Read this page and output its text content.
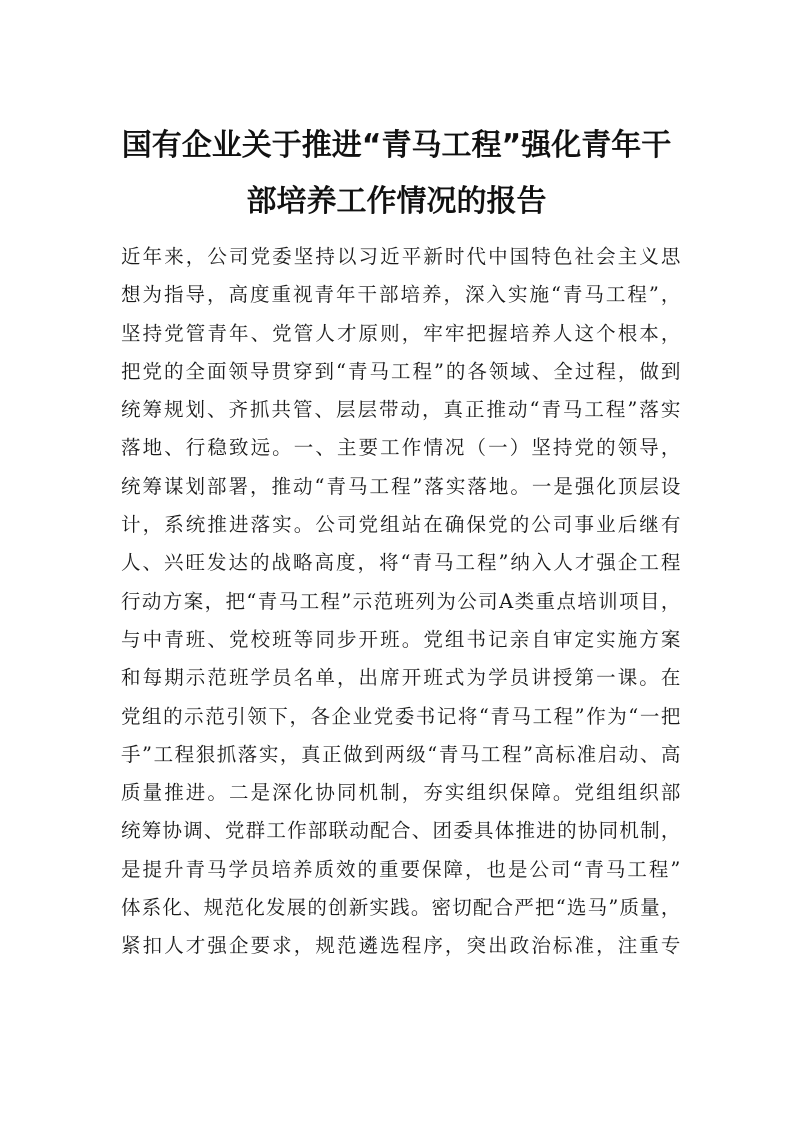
国有企业关于推进“青马工程”强化青年干
部培养工作情况的报告
近年来，公司党委坚持以习近平新时代中国特色社会主义思
想为指导，高度重视青年干部培养，深入实施“青马工程”，
坚持党管青年、党管人才原则，牢牢把握培养人这个根本，
把党的全面领导贯穿到“青马工程”的各领域、全过程，做到
统筹规划、齐抓共管、层层带动，真正推动“青马工程”落实
落地、行稳致远。一、主要工作情况（一）坚持党的领导，
统筹谋划部署，推动“青马工程”落实落地。一是强化顶层设
计，系统推进落实。公司党组站在确保党的公司事业后继有
人、兴旺发达的战略高度，将“青马工程”纳入人才强企工程
行动方案，把“青马工程”示范班列为公司A类重点培训项目，
与中青班、党校班等同步开班。党组书记亲自审定实施方案
和每期示范班学员名单，出席开班式为学员讲授第一课。在
党组的示范引领下，各企业党委书记将“青马工程”作为“一把
手”工程狠抓落实，真正做到两级“青马工程”高标准启动、高
质量推进。二是深化协同机制，夯实组织保障。党组组织部
统筹协调、党群工作部联动配合、团委具体推进的协同机制，
是提升青马学员培养质效的重要保障，也是公司“青马工程”
体系化、规范化发展的创新实践。密切配合严把“选马”质量，
紧扣人才强企要求，规范遴选程序，突出政治标准，注重专
